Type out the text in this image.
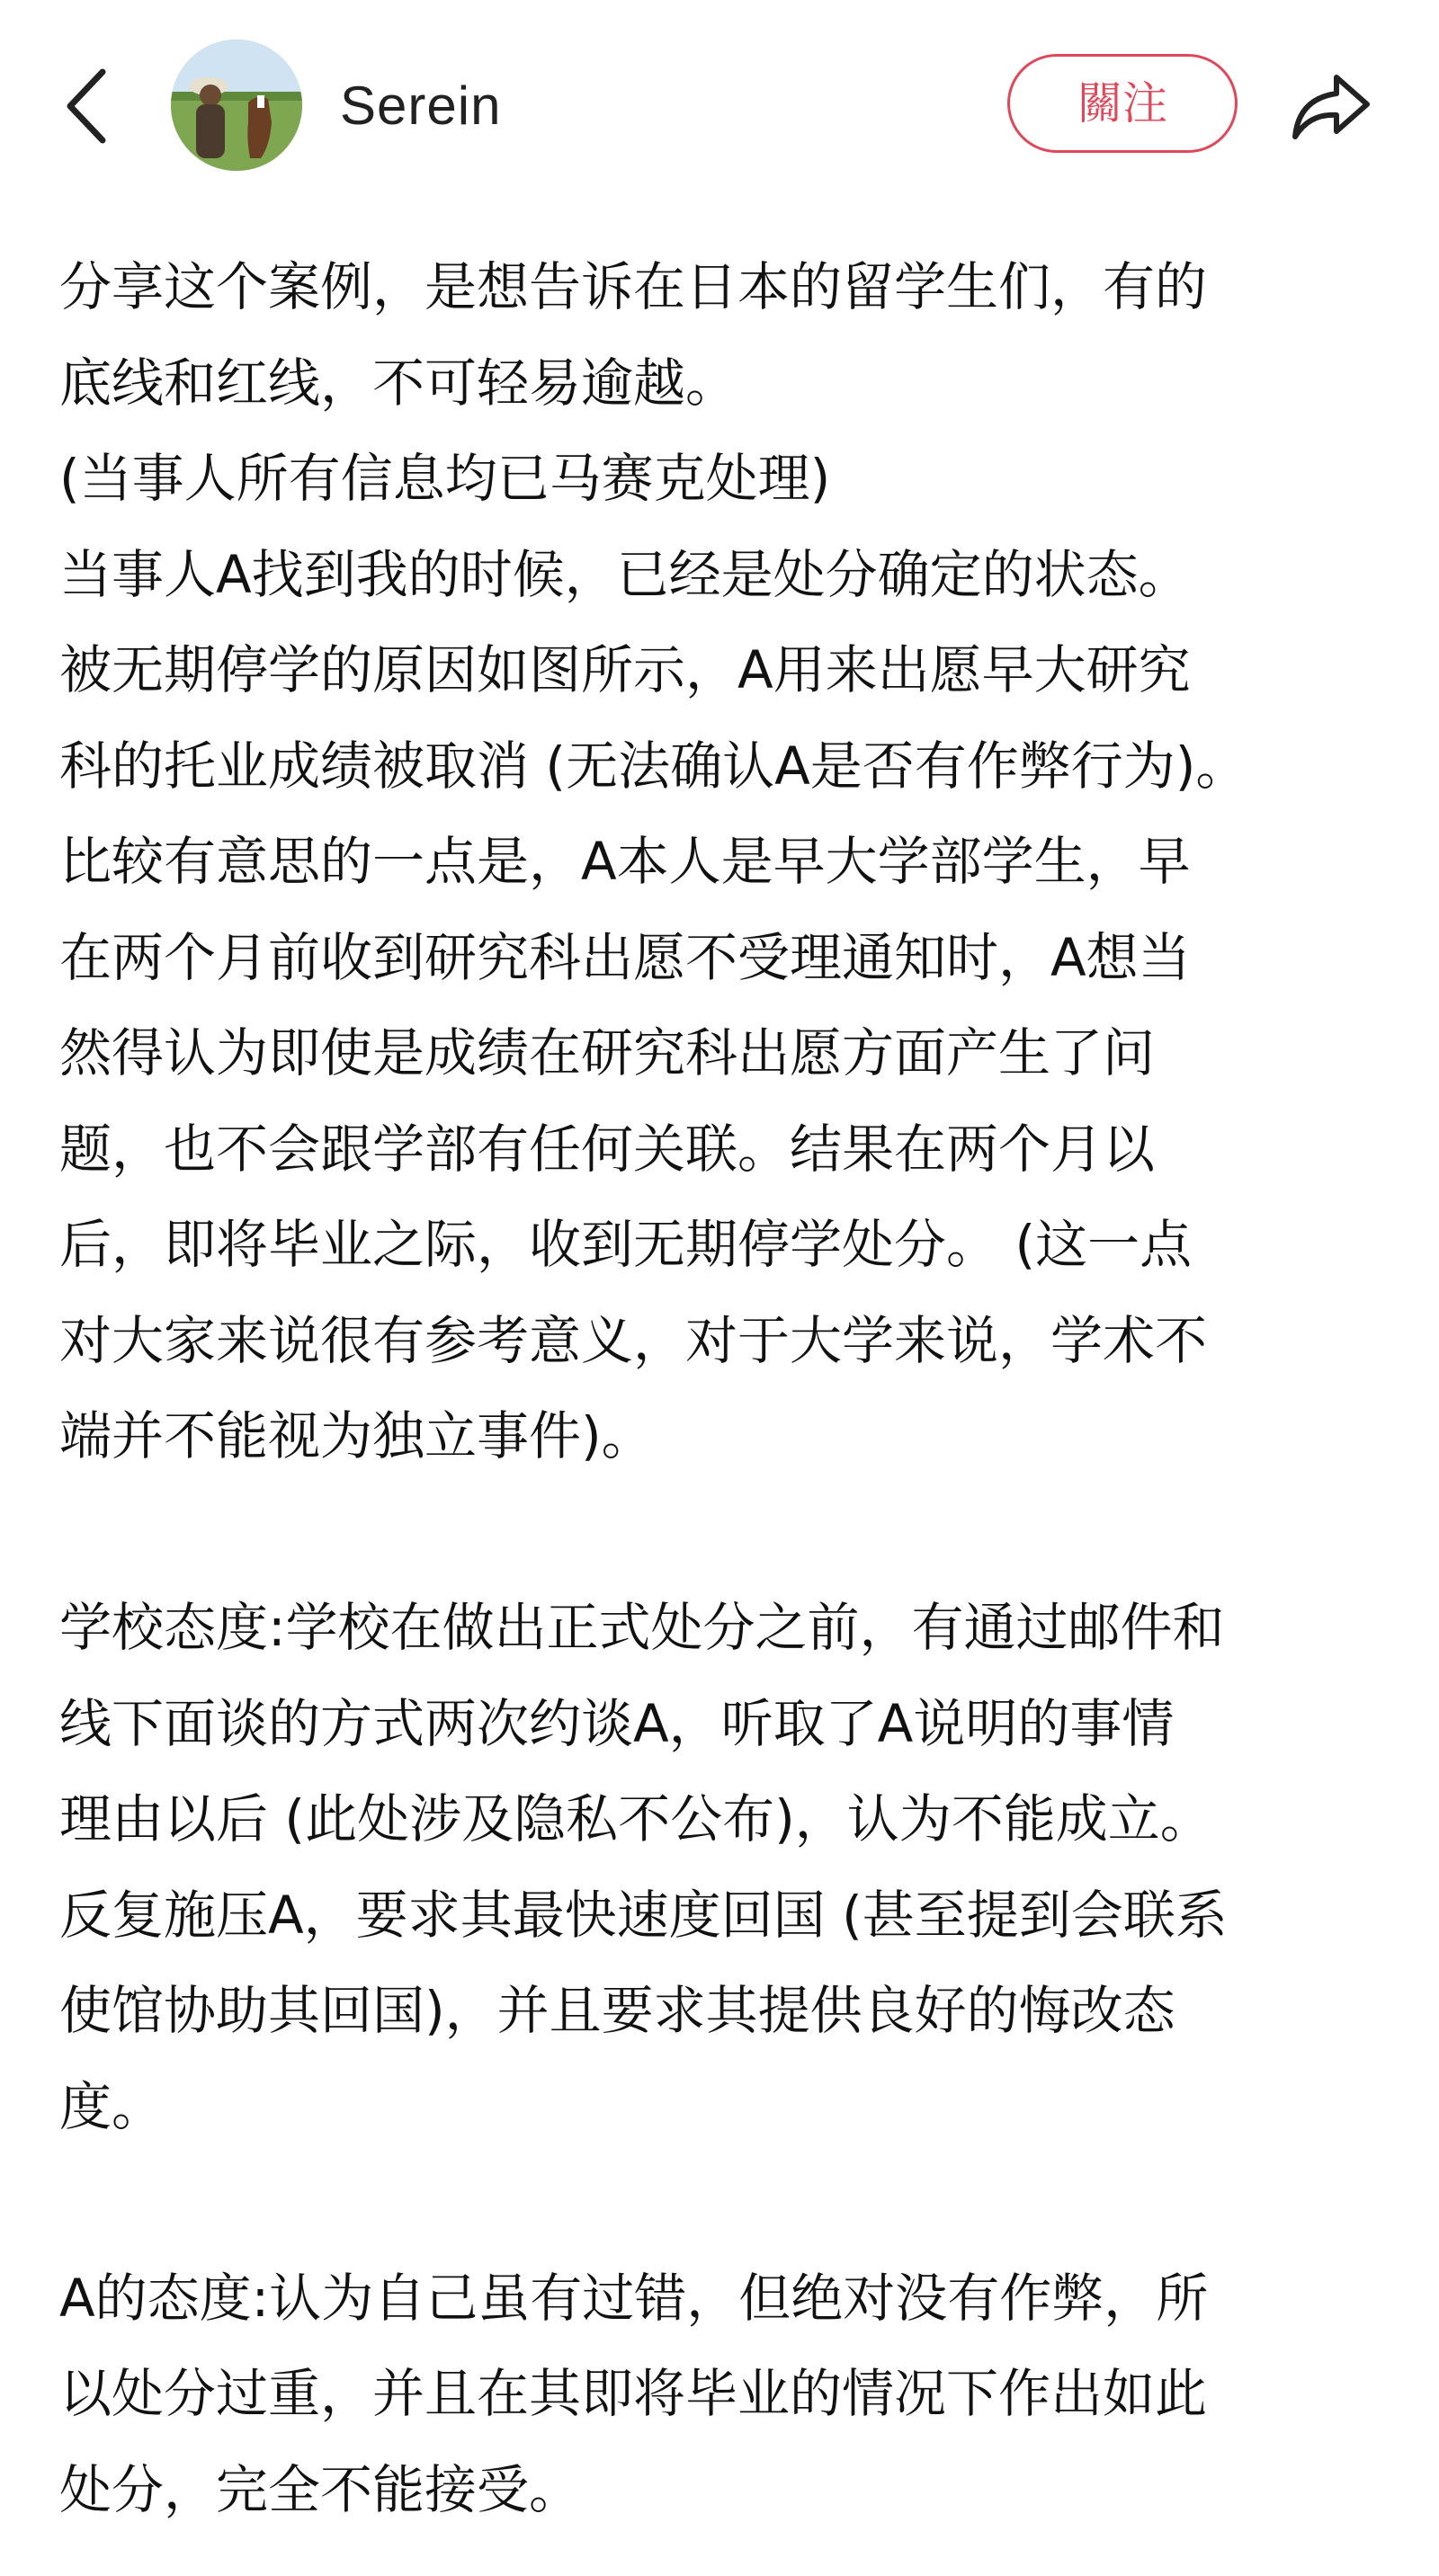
Serein	關注

分享这个案例，是想告诉在日本的留学生们，有的

底线和红线，不可轻易逾越。

(当事人所有信息均已马赛克处理)

当事人A找到我的时候，已经是处分确定的状态。

被无期停学的原因如图所示，A用来出愿早大研究

科的托业成绩被取消 (无法确认A是否有作弊行为)。

比较有意思的一点是，A本人是早大学部学生，早

在两个月前收到研究科出愿不受理通知时，A想当

然得认为即使是成绩在研究科出愿方面产生了问

题，也不会跟学部有任何关联。结果在两个月以

后，即将毕业之际，收到无期停学处分。 (这一点

对大家来说很有参考意义，对于大学来说，学术不

端并不能视为独立事件)。

学校态度:学校在做出正式处分之前，有通过邮件和

线下面谈的方式两次约谈A，听取了A说明的事情

理由以后 (此处涉及隐私不公布)，认为不能成立。

反复施压A，要求其最快速度回国 (甚至提到会联系

使馆协助其回国)，并且要求其提供良好的悔改态

度。

A的态度:认为自己虽有过错，但绝对没有作弊，所

以处分过重，并且在其即将毕业的情况下作出如此

处分，完全不能接受。
